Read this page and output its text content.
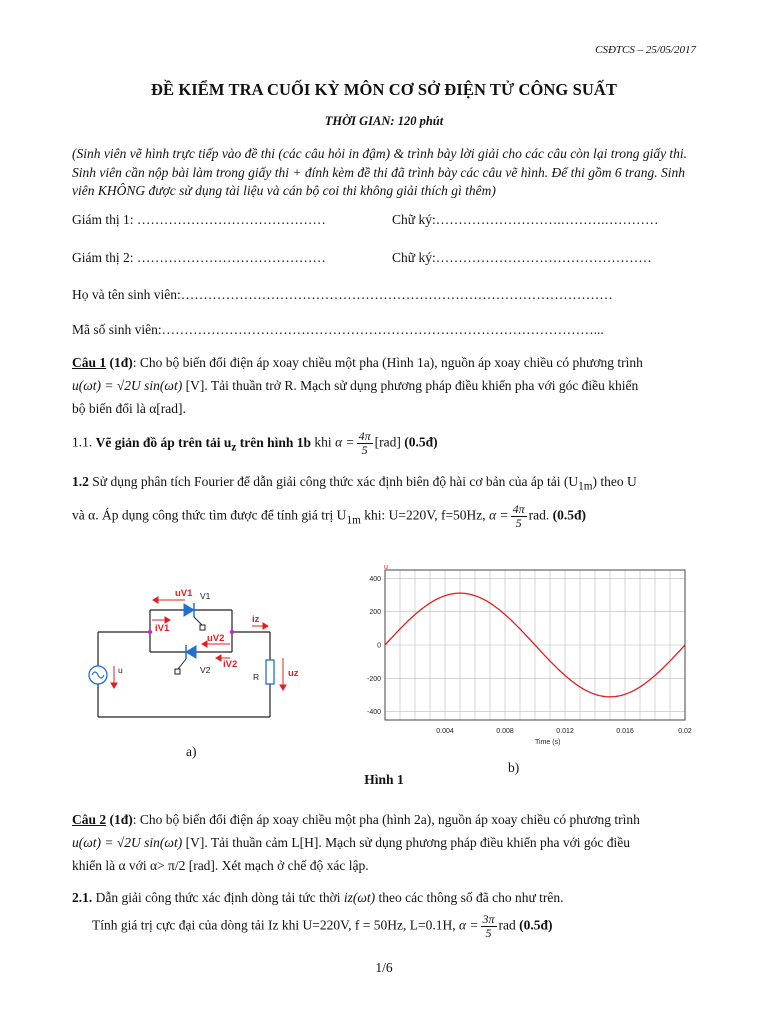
CSĐTCS – 25/05/2017
ĐỀ KIỂM TRA CUỐI KỲ MÔN CƠ SỞ ĐIỆN TỬ CÔNG SUẤT
THỜI GIAN: 120 phút
(Sinh viên vẽ hình trực tiếp vào đề thi (các câu hỏi in đậm) & trình bày lời giải cho các câu còn lại trong giấy thi. Sinh viên cần nộp bài làm trong giấy thi + đính kèm đề thi đã trình bày các câu vẽ hình. Để thi gồm 6 trang. Sinh viên KHÔNG được sử dụng tài liệu và cán bộ coi thi không giải thích gì thêm)
Giám thị 1: ……………………………………	Chữ ký:……………………….……….…………
Giám thị 2: ……………………………………	Chữ ký:…………………………………………
Họ và tên sinh viên:……………………………………………………………………………………
Mã số sinh viên:……………………………………………………………………………………...
Câu 1 (1đ): Cho bộ biến đổi điện áp xoay chiều một pha (Hình 1a), nguồn áp xoay chiều có phương trình
u(ωt) = √2U sin(ωt) [V]. Tải thuần trở R. Mạch sử dụng phương pháp điều khiển pha với góc điều khiển
bộ biến đổi là α[rad].
1.1. Vẽ giản đồ áp trên tải $u_z$ trên hình 1b khi $\alpha = \frac{4\pi}{5} [rad]$ (0.5đ)
1.2 Sử dụng phân tích Fourier để dẫn giải công thức xác định biên độ hài cơ bản của áp tải $(U_{1m})$ theo U
và α. Áp dụng công thức tìm được để tính giá trị $U_{1m}$ khi: U=220V, f=50Hz, $\alpha = \frac{4\pi}{5}$ rad. (0.5đ)
uV1 V1
iV1
uV2
iz
V2 iV2
u
R	uz
a)
400
200
0
-200
-400
0.004	0.008	0.012	0.016	0.02
u
Time (s)
b)
Hình 1
Câu 2 (1đ): Cho bộ biến đổi điện áp xoay chiều một pha (hình 2a), nguồn áp xoay chiều có phương trình
u(ωt) = √2U sin(ωt) [V]. Tải thuần cảm L[H]. Mạch sử dụng phương pháp điều khiển pha với góc điều
khiển là α với α> π/2 [rad]. Xét mạch ở chế độ xác lập.
2.1. Dẫn giải công thức xác định dòng tải tức thời iz(ωt) theo các thông số đã cho như trên.
Tính giá trị cực đại của dòng tải Iz khi U=220V, f = 50Hz, L=0.1H, $\alpha = \frac{3\pi}{5}$ rad (0.5đ)
1/6
